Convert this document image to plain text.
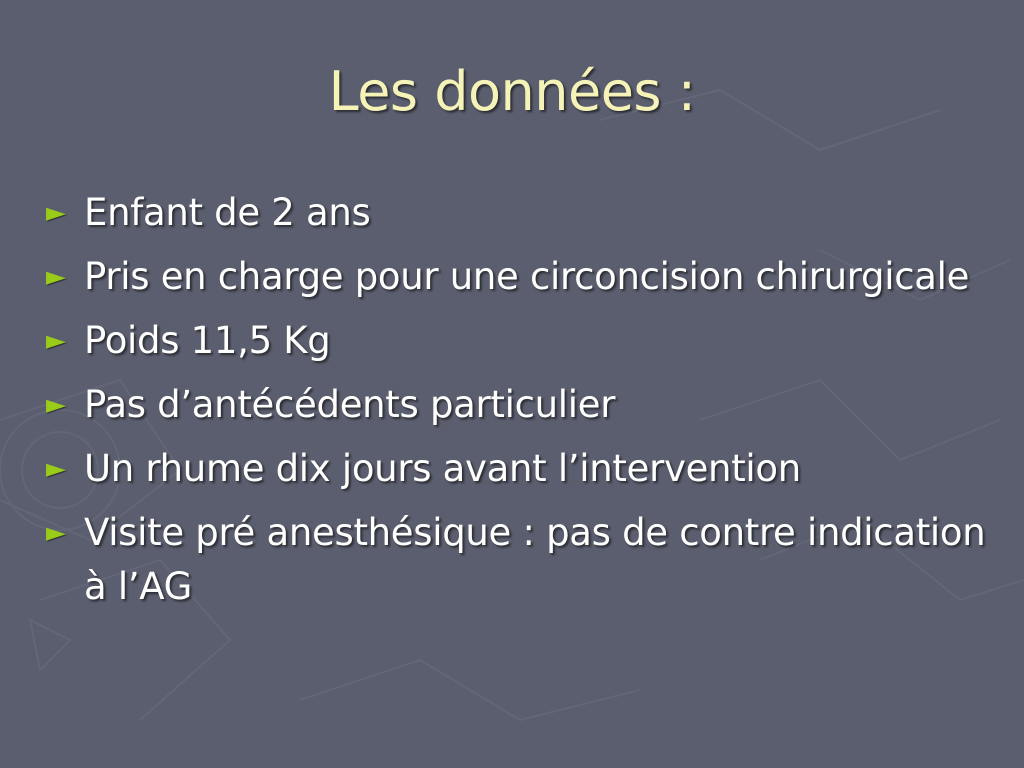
Les données :
► Enfant de 2 ans
► Pris en charge pour une circoncision chirurgicale
► Poids 11,5 Kg
► Pas d’antécédents particulier
► Un rhume dix jours avant l’intervention
► Visite pré anesthésique : pas de contre indication à l’AG
